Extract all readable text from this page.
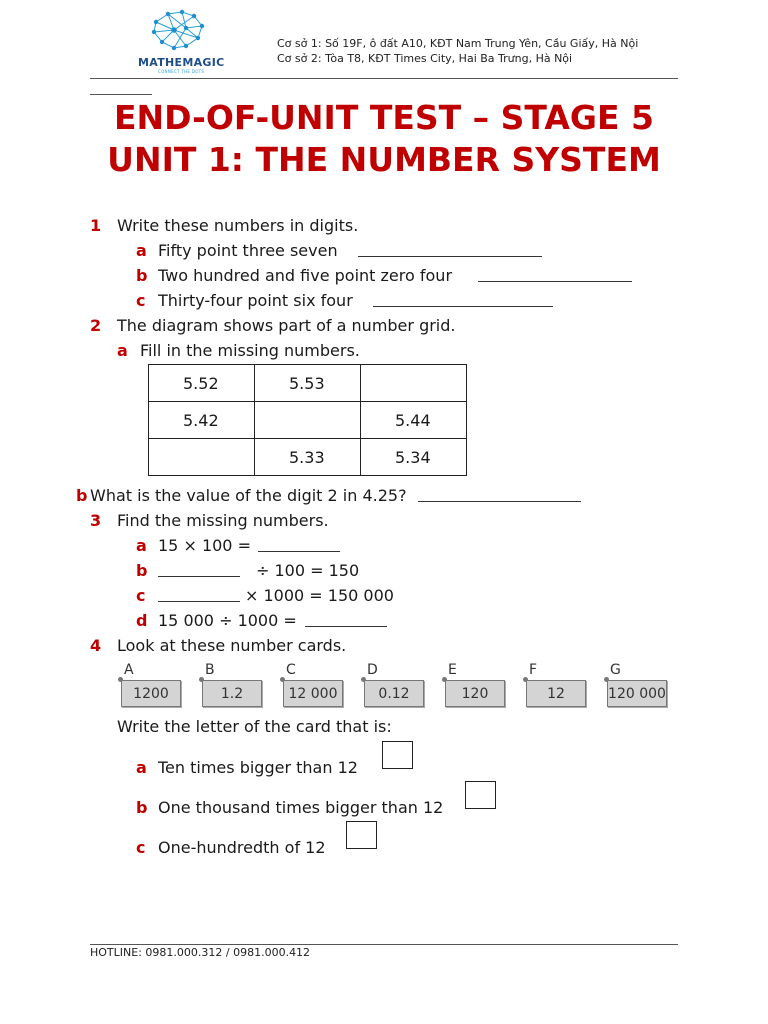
MATHEMAGIC
CONNECT THE DOTS
Cơ sở 1: Số 19F, ô đất A10, KĐT Nam Trung Yên, Cầu Giấy, Hà Nội
Cơ sở 2: Tòa T8, KĐT Times City, Hai Ba Trưng, Hà Nội
END-OF-UNIT TEST – STAGE 5
UNIT 1: THE NUMBER SYSTEM
1 Write these numbers in digits.
a Fifty point three seven
b Two hundred and five point zero four
c Thirty-four point six four
2 The diagram shows part of a number grid.
a Fill in the missing numbers.
5.52	5.53	
5.42		5.44
	5.33	5.34
b What is the value of the digit 2 in 4.25?
3 Find the missing numbers.
a 15 × 100 =
b	÷ 100 = 150
c	× 1000 = 150 000
d 15 000 ÷ 1000 =
4 Look at these number cards.
A
1200
B
1.2
C
12 000
D
0.12
E
120
F
12
G
120 000
Write the letter of the card that is:
a Ten times bigger than 12
b One thousand times bigger than 12
c One-hundredth of 12
HOTLINE: 0981.000.312 / 0981.000.412
